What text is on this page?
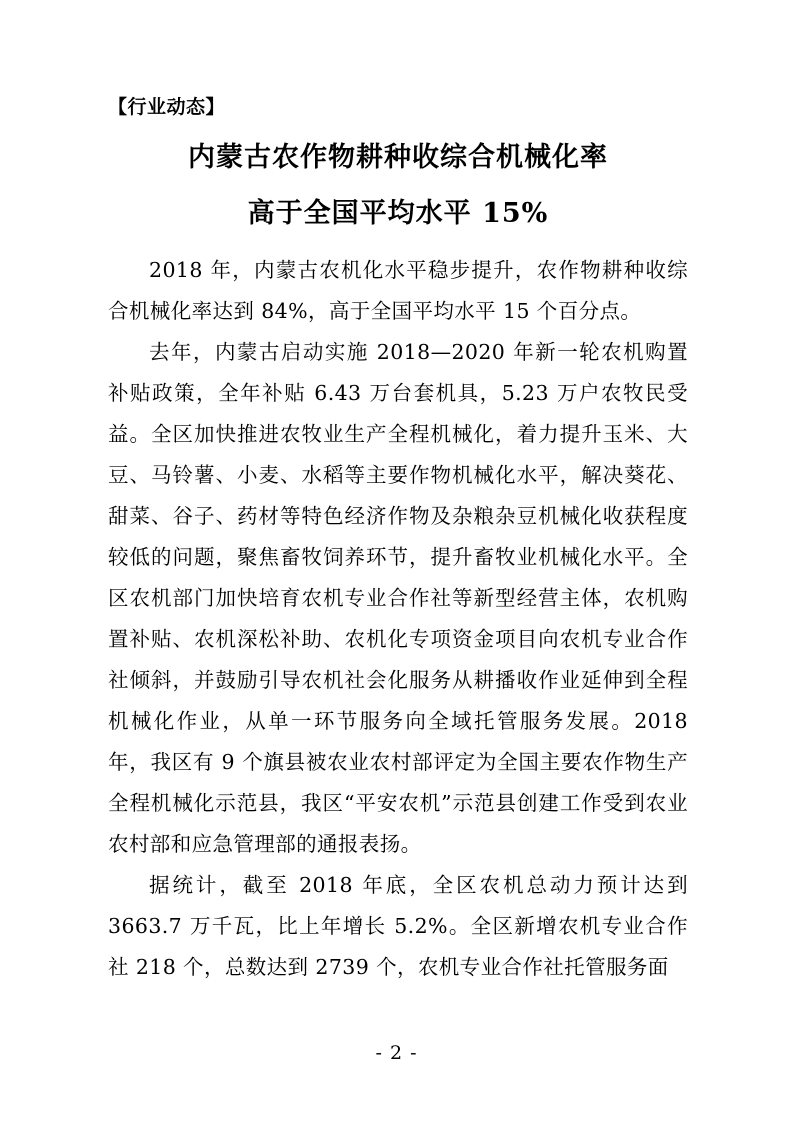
【行业动态】
内蒙古农作物耕种收综合机械化率
高于全国平均水平 15%

2018 年，内蒙古农机化水平稳步提升，农作物耕种收综合机械化率达到 84%，高于全国平均水平 15 个百分点。

去年，内蒙古启动实施 2018—2020 年新一轮农机购置补贴政策，全年补贴 6.43 万台套机具，5.23 万户农牧民受益。全区加快推进农牧业生产全程机械化，着力提升玉米、大豆、马铃薯、小麦、水稻等主要作物机械化水平，解决葵花、甜菜、谷子、药材等特色经济作物及杂粮杂豆机械化收获程度较低的问题，聚焦畜牧饲养环节，提升畜牧业机械化水平。全区农机部门加快培育农机专业合作社等新型经营主体，农机购置补贴、农机深松补助、农机化专项资金项目向农机专业合作社倾斜，并鼓励引导农机社会化服务从耕播收作业延伸到全程机械化作业，从单一环节服务向全域托管服务发展。2018 年，我区有 9 个旗县被农业农村部评定为全国主要农作物生产全程机械化示范县，我区“平安农机”示范县创建工作受到农业农村部和应急管理部的通报表扬。

据统计，截至 2018 年底，全区农机总动力预计达到 3663.7 万千瓦，比上年增长 5.2%。全区新增农机专业合作社 218 个，总数达到 2739 个，农机专业合作社托管服务面

- 2 -
